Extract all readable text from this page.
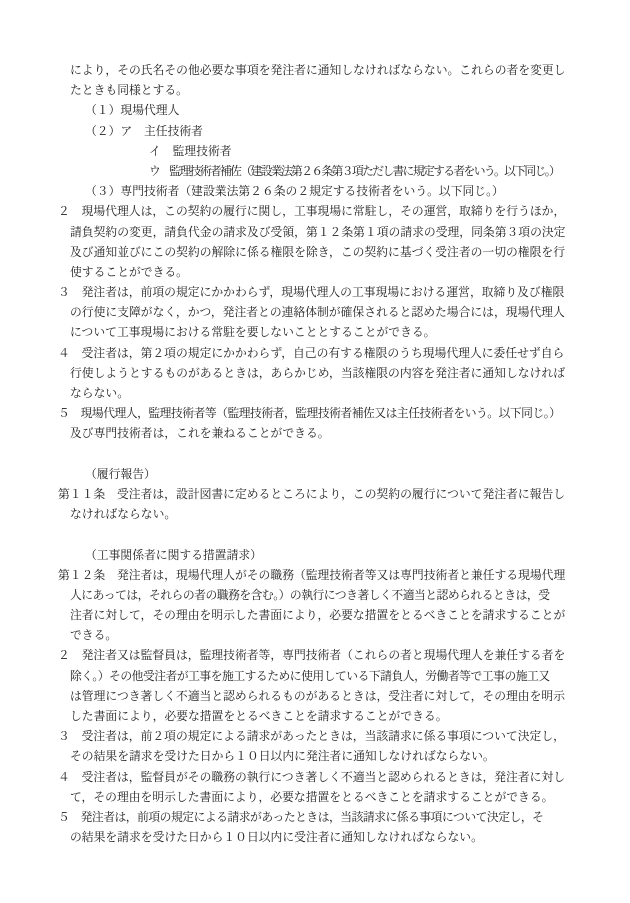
により，その氏名その他必要な事項を発注者に通知しなければならない。これらの者を変更し
たときも同様とする。
（１）現場代理人
（２）ア　主任技術者
イ　監理技術者
ウ　監理技術者補佐（建設業法第２６条第３項ただし書に規定する者をいう。以下同じ。）
（３）専門技術者（建設業法第２６条の２規定する技術者をいう。以下同じ。）
２　現場代理人は，この契約の履行に関し，工事現場に常駐し，その運営，取締りを行うほか，
請負契約の変更，請負代金の請求及び受領，第１２条第１項の請求の受理，同条第３項の決定
及び通知並びにこの契約の解除に係る権限を除き，この契約に基づく受注者の一切の権限を行
使することができる。
３　発注者は，前項の規定にかかわらず，現場代理人の工事現場における運営，取締り及び権限
の行使に支障がなく，かつ，発注者との連絡体制が確保されると認めた場合には，現場代理人
について工事現場における常駐を要しないこととすることができる。
４　受注者は，第２項の規定にかかわらず，自己の有する権限のうち現場代理人に委任せず自ら
行使しようとするものがあるときは，あらかじめ，当該権限の内容を発注者に通知しなければ
ならない。
５　現場代理人，監理技術者等（監理技術者，監理技術者補佐又は主任技術者をいう。以下同じ。）
及び専門技術者は，これを兼ねることができる。
（履行報告）
第１１条　受注者は，設計図書に定めるところにより，この契約の履行について発注者に報告し
なければならない。
（工事関係者に関する措置請求）
第１２条　発注者は，現場代理人がその職務（監理技術者等又は専門技術者と兼任する現場代理
人にあっては，それらの者の職務を含む。）の執行につき著しく不適当と認められるときは，受
注者に対して，その理由を明示した書面により，必要な措置をとるべきことを請求することが
できる。
２　発注者又は監督員は，監理技術者等，専門技術者（これらの者と現場代理人を兼任する者を
除く。）その他受注者が工事を施工するために使用している下請負人，労働者等で工事の施工又
は管理につき著しく不適当と認められるものがあるときは，受注者に対して，その理由を明示
した書面により，必要な措置をとるべきことを請求することができる。
３　受注者は，前２項の規定による請求があったときは，当該請求に係る事項について決定し，
その結果を請求を受けた日から１０日以内に発注者に通知しなければならない。
４　受注者は，監督員がその職務の執行につき著しく不適当と認められるときは，発注者に対し
て，その理由を明示した書面により，必要な措置をとるべきことを請求することができる。
５　発注者は，前項の規定による請求があったときは，当該請求に係る事項について決定し，そ
の結果を請求を受けた日から１０日以内に受注者に通知しなければならない。
